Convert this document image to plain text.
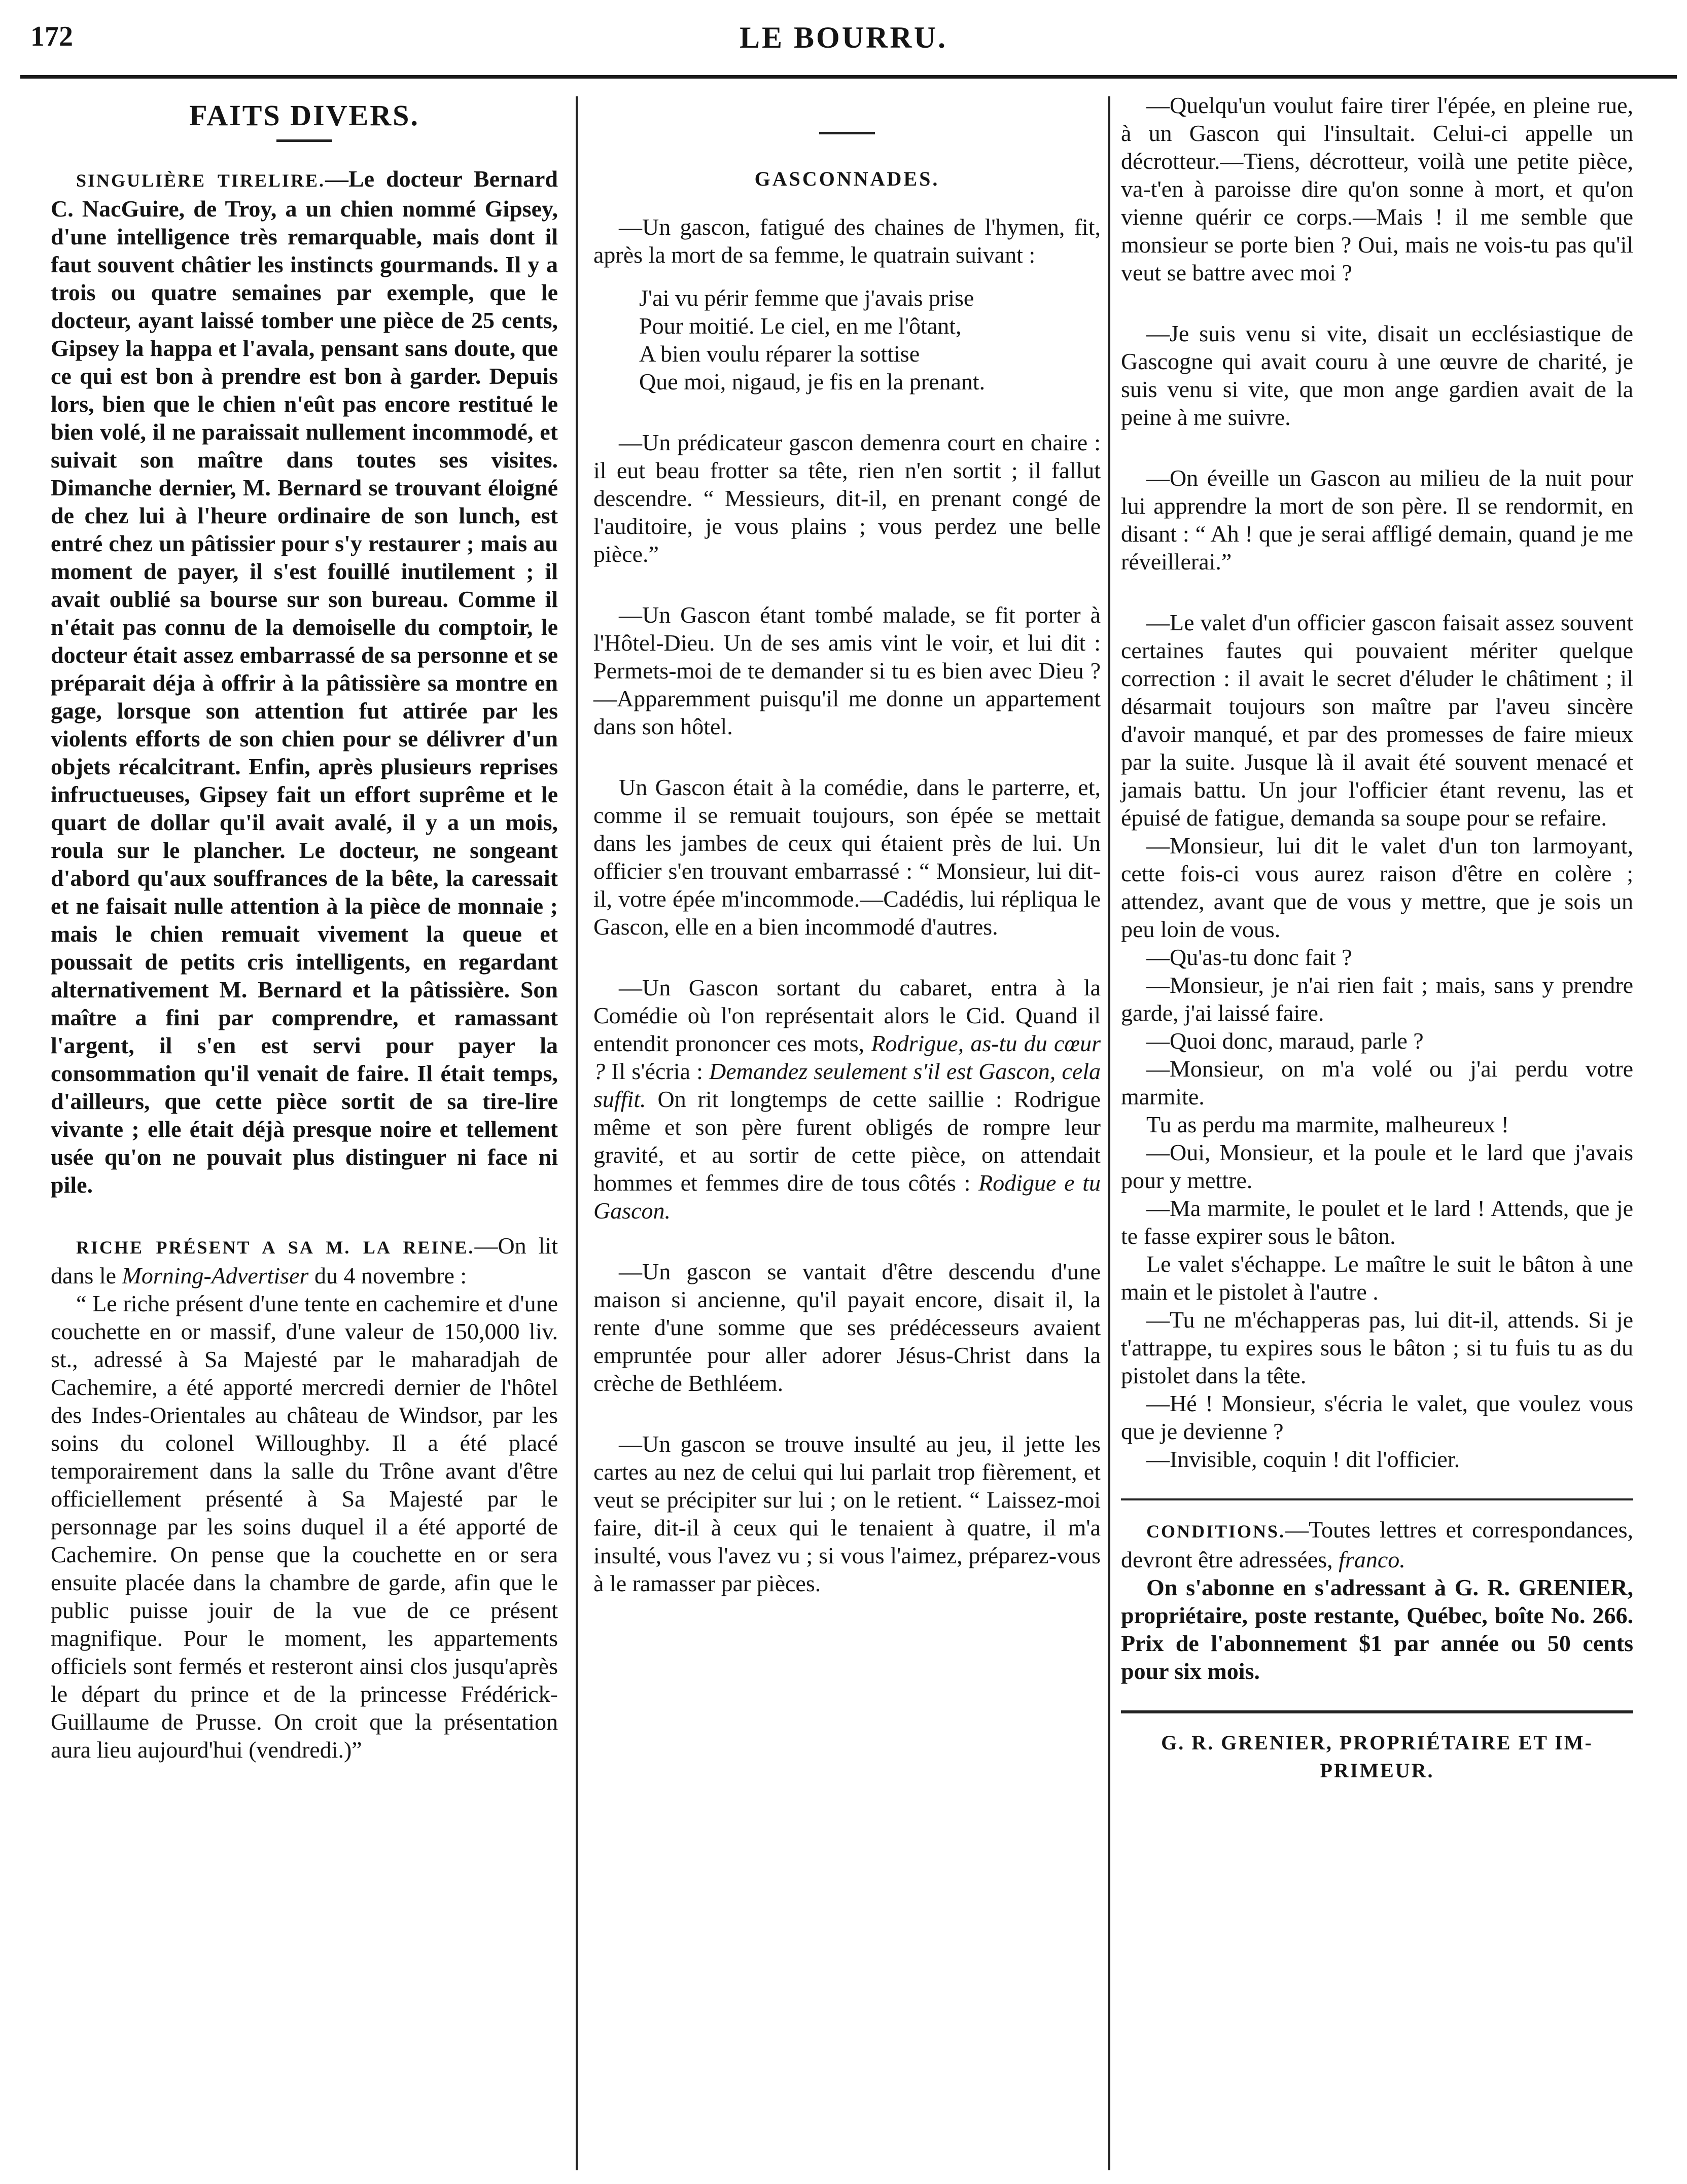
172	LE BOURRU.
FAITS DIVERS.

SINGULIÈRE TIRELIRE.—Le docteur Bernard C. NacGuire, de Troy, a un chien nommé Gipsey, d'une intelligence très remarquable, mais dont il faut souvent châtier les instincts gourmands. Il y a trois ou quatre semaines par exemple, que le docteur, ayant laissé tomber une pièce de 25 cents, Gipsey la happa et l'avala, pensant sans doute, que ce qui est bon à prendre est bon à garder. Depuis lors, bien que le chien n'eût pas encore restitué le bien volé, il ne paraissait nullement incommodé, et suivait son maître dans toutes ses visites. Dimanche dernier, M. Bernard se trouvant éloigné de chez lui à l'heure ordinaire de son lunch, est entré chez un pâtissier pour s'y restaurer ; mais au moment de payer, il s'est fouillé inutilement ; il avait oublié sa bourse sur son bureau. Comme il n'était pas connu de la demoiselle du comptoir, le docteur était assez embarrassé de sa personne et se préparait déja à offrir à la pâtissière sa montre en gage, lorsque son attention fut attirée par les violents efforts de son chien pour se délivrer d'un objets récalcitrant. Enfin, après plusieurs reprises infructueuses, Gipsey fait un effort suprême et le quart de dollar qu'il avait avalé, il y a un mois, roula sur le plancher. Le docteur, ne songeant d'abord qu'aux souffrances de la bête, la caressait et ne faisait nulle attention à la pièce de monnaie ; mais le chien remuait vivement la queue et poussait de petits cris intelligents, en regardant alternativement M. Bernard et la pâtissière. Son maître a fini par comprendre, et ramassant l'argent, il s'en est servi pour payer la consommation qu'il venait de faire. Il était temps, d'ailleurs, que cette pièce sortit de sa tire-lire vivante ; elle était déjà presque noire et tellement usée qu'on ne pouvait plus distinguer ni face ni pile.

RICHE PRÉSENT A SA M. LA REINE.—On lit dans le Morning-Advertiser du 4 novembre :

“ Le riche présent d'une tente en cachemire et d'une couchette en or massif, d'une valeur de 150,000 liv. st., adressé à Sa Majesté par le maharadjah de Cachemire, a été apporté mercredi dernier de l'hôtel des Indes-Orientales au château de Windsor, par les soins du colonel Willoughby. Il a été placé temporairement dans la salle du Trône avant d'être officiellement présenté à Sa Majesté par le personnage par les soins duquel il a été apporté de Cachemire. On pense que la couchette en or sera ensuite placée dans la chambre de garde, afin que le public puisse jouir de la vue de ce présent magnifique. Pour le moment, les appartements officiels sont fermés et resteront ainsi clos jusqu'après le départ du prince et de la princesse Frédérick-Guillaume de Prusse. On croit que la présentation aura lieu aujourd'hui (vendredi.)”

GASCONNADES.

—Un gascon, fatigué des chaines de l'hymen, fit, après la mort de sa femme, le quatrain suivant :

J'ai vu périr femme que j'avais prise
Pour moitié. Le ciel, en me l'ôtant,
A bien voulu réparer la sottise
Que moi, nigaud, je fis en la prenant.

—Un prédicateur gascon demenra court en chaire : il eut beau frotter sa tête, rien n'en sortit ; il fallut descendre. “ Messieurs, dit-il, en prenant congé de l'auditoire, je vous plains ; vous perdez une belle pièce.”

—Un Gascon étant tombé malade, se fit porter à l'Hôtel-Dieu. Un de ses amis vint le voir, et lui dit : Permets-moi de te demander si tu es bien avec Dieu ?—Apparemment puisqu'il me donne un appartement dans son hôtel.

Un Gascon était à la comédie, dans le parterre, et, comme il se remuait toujours, son épée se mettait dans les jambes de ceux qui étaient près de lui. Un officier s'en trouvant embarrassé : “ Monsieur, lui dit-il, votre épée m'incommode.—Cadédis, lui répliqua le Gascon, elle en a bien incommodé d'autres.

—Un Gascon sortant du cabaret, entra à la Comédie où l'on représentait alors le Cid. Quand il entendit prononcer ces mots, Rodrigue, as-tu du cœur ? Il s'écria : Demandez seulement s'il est Gascon, cela suffit. On rit longtemps de cette saillie : Rodrigue même et son père furent obligés de rompre leur gravité, et au sortir de cette pièce, on attendait hommes et femmes dire de tous côtés : Rodigue e tu Gascon.

—Un gascon se vantait d'être descendu d'une maison si ancienne, qu'il payait encore, disait il, la rente d'une somme que ses prédécesseurs avaient empruntée pour aller adorer Jésus-Christ dans la crèche de Bethléem.

—Un gascon se trouve insulté au jeu, il jette les cartes au nez de celui qui lui parlait trop fièrement, et veut se précipiter sur lui ; on le retient. “ Laissez-moi faire, dit-il à ceux qui le tenaient à quatre, il m'a insulté, vous l'avez vu ; si vous l'aimez, préparez-vous à le ramasser par pièces.

—Quelqu'un voulut faire tirer l'épée, en pleine rue, à un Gascon qui l'insultait. Celui-ci appelle un décrotteur.—Tiens, décrotteur, voilà une petite pièce, va-t'en à paroisse dire qu'on sonne à mort, et qu'on vienne quérir ce corps.—Mais ! il me semble que monsieur se porte bien ? Oui, mais ne vois-tu pas qu'il veut se battre avec moi ?

—Je suis venu si vite, disait un ecclésiastique de Gascogne qui avait couru à une œuvre de charité, je suis venu si vite, que mon ange gardien avait de la peine à me suivre.

—On éveille un Gascon au milieu de la nuit pour lui apprendre la mort de son père. Il se rendormit, en disant : “ Ah ! que je serai affligé demain, quand je me réveillerai.”

—Le valet d'un officier gascon faisait assez souvent certaines fautes qui pouvaient mériter quelque correction : il avait le secret d'éluder le châtiment ; il désarmait toujours son maître par l'aveu sincère d'avoir manqué, et par des promesses de faire mieux par la suite. Jusque là il avait été souvent menacé et jamais battu. Un jour l'officier étant revenu, las et épuisé de fatigue, demanda sa soupe pour se refaire.

—Monsieur, lui dit le valet d'un ton larmoyant, cette fois-ci vous aurez raison d'être en colère ; attendez, avant que de vous y mettre, que je sois un peu loin de vous.

—Qu'as-tu donc fait ?

—Monsieur, je n'ai rien fait ; mais, sans y prendre garde, j'ai laissé faire.

—Quoi donc, maraud, parle ?

—Monsieur, on m'a volé ou j'ai perdu votre marmite.

Tu as perdu ma marmite, malheureux !

—Oui, Monsieur, et la poule et le lard que j'avais pour y mettre.

—Ma marmite, le poulet et le lard ! Attends, que je te fasse expirer sous le bâton.

Le valet s'échappe. Le maître le suit le bâton à une main et le pistolet à l'autre .

—Tu ne m'échapperas pas, lui dit-il, attends. Si je t'attrappe, tu expires sous le bâton ; si tu fuis tu as du pistolet dans la tête.

—Hé ! Monsieur, s'écria le valet, que voulez vous que je devienne ?

—Invisible, coquin ! dit l'officier.

CONDITIONS.—Toutes lettres et correspondances, devront être adressées, franco.

On s'abonne en s'adressant à G. R. GRENIER, propriétaire, poste restante, Québec, boîte No. 266. Prix de l'abonnement $1 par année ou 50 cents pour six mois.

G. R. GRENIER, PROPRIÉTAIRE ET IM-
PRIMEUR.
